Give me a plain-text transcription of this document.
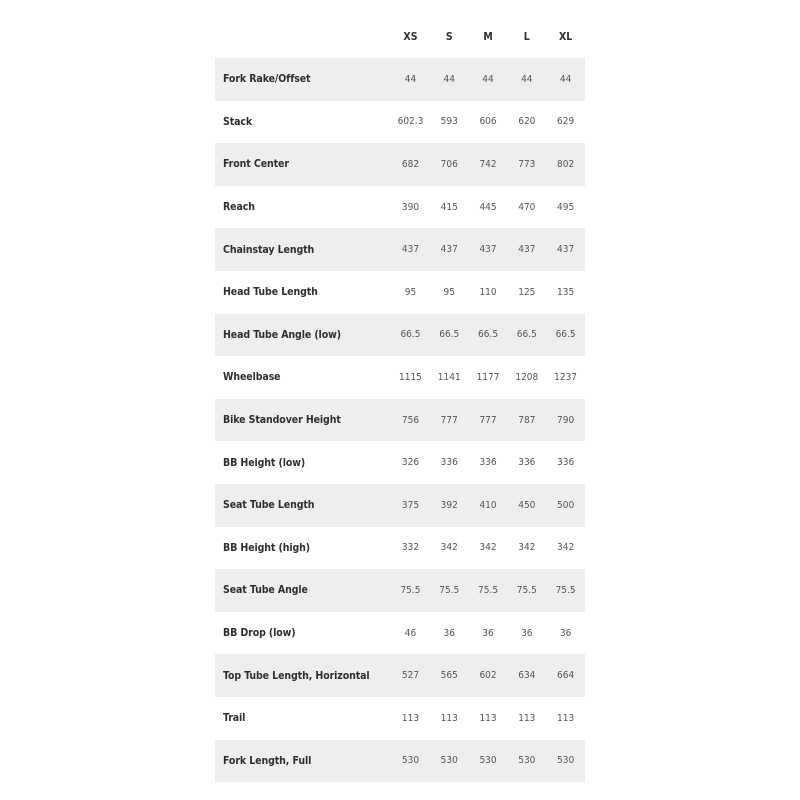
XS	S	M	L	XL
Fork Rake/Offset	44	44	44	44	44
Stack	602.3	593	606	620	629
Front Center	682	706	742	773	802
Reach	390	415	445	470	495
Chainstay Length	437	437	437	437	437
Head Tube Length	95	95	110	125	135
Head Tube Angle (low)	66.5	66.5	66.5	66.5	66.5
Wheelbase	1115	1141	1177	1208	1237
Bike Standover Height	756	777	777	787	790
BB Height (low)	326	336	336	336	336
Seat Tube Length	375	392	410	450	500
BB Height (high)	332	342	342	342	342
Seat Tube Angle	75.5	75.5	75.5	75.5	75.5
BB Drop (low)	46	36	36	36	36
Top Tube Length, Horizontal	527	565	602	634	664
Trail	113	113	113	113	113
Fork Length, Full	530	530	530	530	530
